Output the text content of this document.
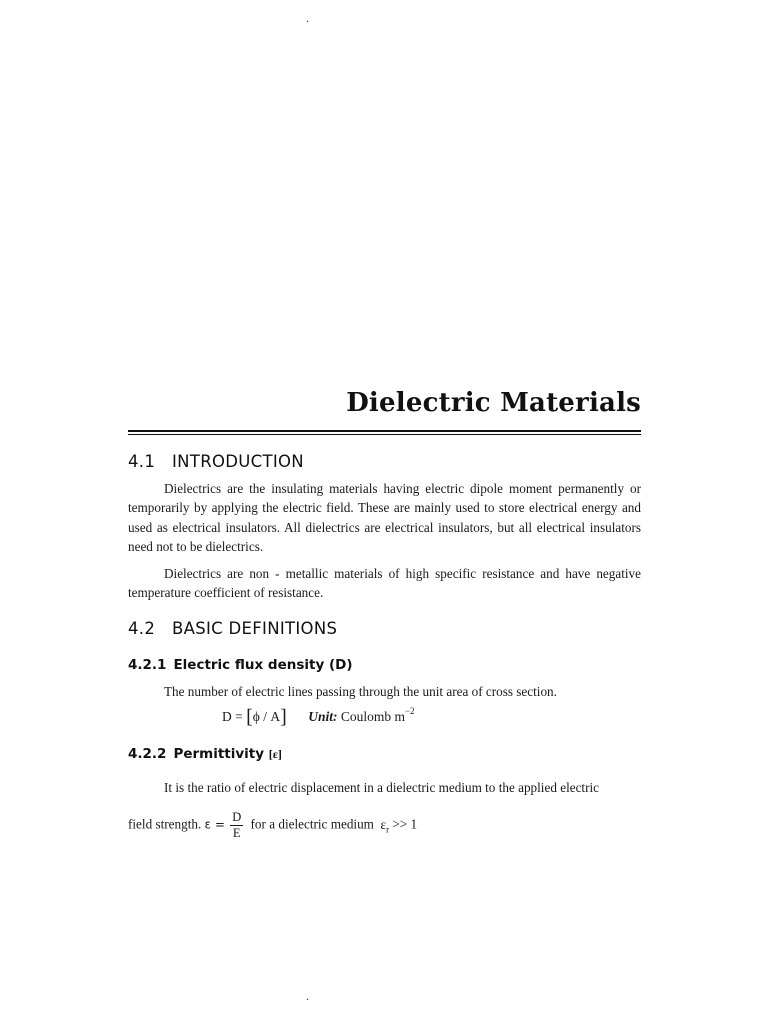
.
Dielectric Materials
4.1 INTRODUCTION

Dielectrics are the insulating materials having electric dipole moment permanently or temporarily by applying the electric field. These are mainly used to store electrical energy and used as electrical insulators. All dielectrics are electrical insulators, but all electrical insulators need not to be dielectrics.

Dielectrics are non - metallic materials of high specific resistance and have negative temperature coefficient of resistance.

4.2 BASIC DEFINITIONS
4.2.1 Electric flux density (D)

The number of electric lines passing through the unit area of cross section.

D = [ϕ / A] Unit: Coulomb $m^{-2}$
4.2.2 Permittivity [ε]

It is the ratio of electric displacement in a dielectric medium to the applied electric

field strength. $\varepsilon = \frac{D}{E}$ for a dielectric medium $\varepsilon_r >> 1$
.
